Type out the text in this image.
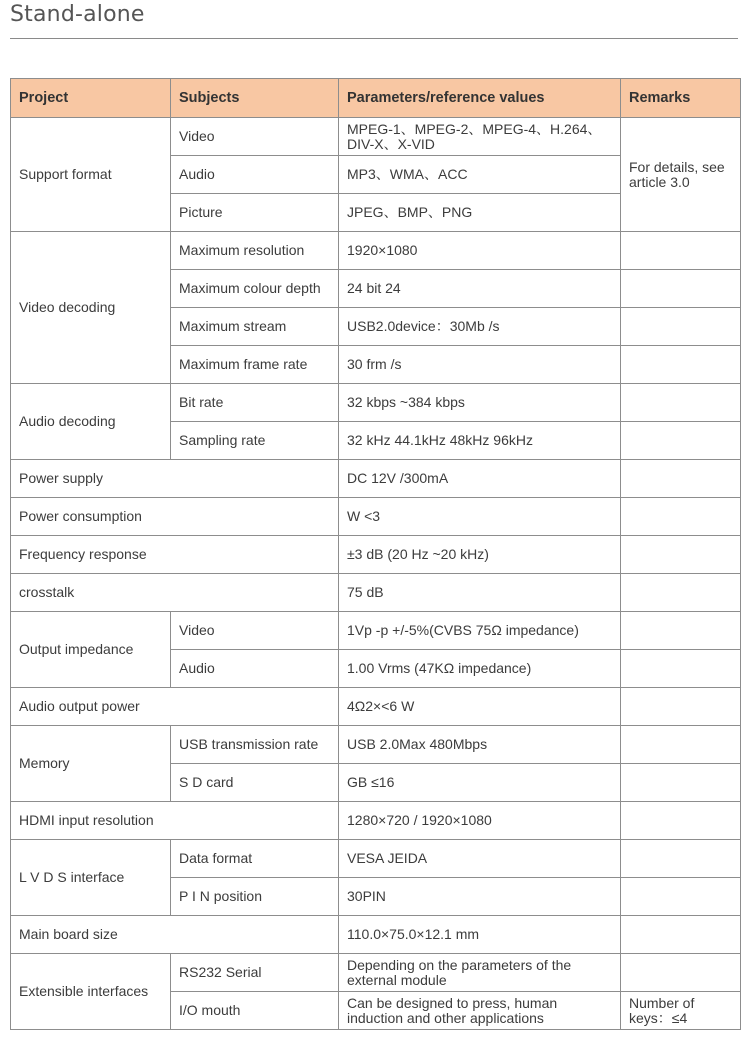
Stand-alone
Project	Subjects	Parameters/reference values	Remarks
Support format	Video	MPEG-1、MPEG-2、MPEG-4、H.264、DIV-X、X-VID	For details, see article 3.0
	Audio	MP3、WMA、ACC	
	Picture	JPEG、BMP、PNG	
Video decoding	Maximum resolution	1920×1080	
	Maximum colour depth	24 bit 24	
	Maximum stream	USB2.0device：30Mb /s	
	Maximum frame rate	30 frm /s	
Audio decoding	Bit rate	32 kbps ~384 kbps	
	Sampling rate	32 kHz 44.1kHz 48kHz 96kHz	
Power supply		DC 12V /300mA	
Power consumption		W <3	
Frequency response		±3 dB (20 Hz ~20 kHz)	
crosstalk		75 dB	
Output impedance	Video	1Vp -p +/-5%(CVBS 75Ω impedance)	
	Audio	1.00 Vrms (47KΩ impedance)	
Audio output power		4Ω2×<6 W	
Memory	USB transmission rate	USB 2.0Max 480Mbps	
	S D card	GB ≤16	
HDMI input resolution		1280×720 / 1920×1080	
L V D S interface	Data format	VESA JEIDA	
	P I N position	30PIN	
Main board size		110.0×75.0×12.1 mm	
Extensible interfaces	RS232 Serial	Depending on the parameters of the external module	
	I/O mouth	Can be designed to press, human induction and other applications	Number of keys：≤4
